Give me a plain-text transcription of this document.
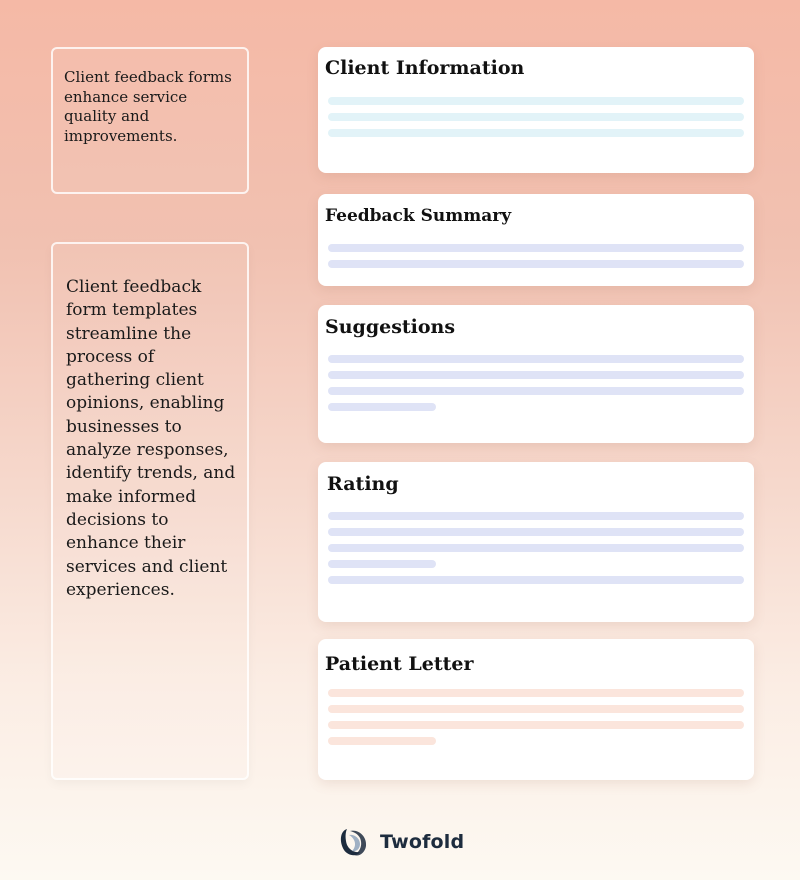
Client feedback forms enhance service quality and improvements.
Client feedback form templates streamline the process of gathering client opinions, enabling businesses to analyze responses, identify trends, and make informed decisions to enhance their services and client experiences.
Client Information
Feedback Summary
Suggestions
Rating
Patient Letter
Twofold
